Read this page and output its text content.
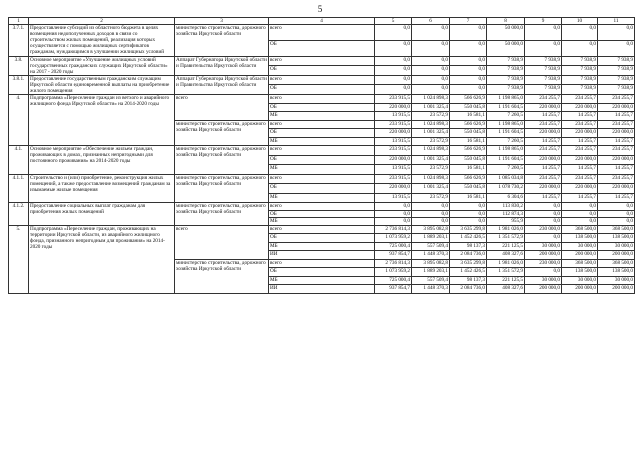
5
1	2	3	4	5	6	7	8	9	10	11
3.7.1.	Предоставление субсидий из областного бюджета в целях возмещения недополученных доходов в связи со строительством жилых помещений, реализация которых осуществляется с помощью жилищных сертификатов гражданам, нуждающимся в улучшении жилищных условий	министерство строительства, дорожного хозяйства Иркутской области	всего	0,0	0,0	0,0	50 000,0	0,0	0,0	0,0
			ОБ	0,0	0,0	0,0	50 000,0	0,0	0,0	0,0
3.8.	Основное мероприятие «Улучшение жилищных условий государственных гражданских служащих Иркутской области» на 2017 - 2020 годы	Аппарат Губернатора Иркутской области и Правительства Иркутской области	всего	0,0	0,0	0,0	7 938,9	7 938,9	7 938,9	7 938,9
			ОБ	0,0	0,0	0,0	7 938,9	7 938,9	7 938,9	7 938,9
3.8.1.	Предоставление государственным гражданским служащим Иркутской области единовременной выплаты на приобретение жилого помещения	Аппарат Губернатора Иркутской области и Правительства Иркутской области	всего	0,0	0,0	0,0	7 938,9	7 938,9	7 938,9	7 938,9
			ОБ	0,0	0,0	0,0	7 938,9	7 938,9	7 938,9	7 938,9
4.	Подпрограмма «Переселение граждан из ветхого и аварийного жилищного фонда Иркутской области» на 2014-2020 годы	всего	всего	233 915,5	1 024 898,3	566 626,9	1 198 865,0	234 255,7	234 255,7	234 255,7
			ОБ	220 000,0	1 001 325,4	550 045,8	1 191 604,5	220 000,0	220 000,0	220 000,0
			МБ	13 915,5	23 572,9	16 581,1	7 260,5	14 255,7	14 255,7	14 255,7
		министерство строительства, дорожного хозяйства Иркутской области	всего	233 915,5	1 024 898,3	566 626,9	1 198 865,0	234 255,7	234 255,7	234 255,7
			ОБ	220 000,0	1 001 325,4	550 045,8	1 191 604,5	220 000,0	220 000,0	220 000,0
			МБ	13 915,5	23 572,9	16 581,1	7 260,5	14 255,7	14 255,7	14 255,7
4.1.	Основное мероприятие «Обеспечение жильем граждан, проживающих в домах, признанных непригодными для постоянного проживания» на 2014-2020 годы	министерство строительства, дорожного хозяйства Иркутской области	всего	233 915,5	1 024 898,3	566 626,9	1 198 865,0	234 255,7	234 255,7	234 255,7
			ОБ	220 000,0	1 001 325,4	550 045,8	1 191 604,5	220 000,0	220 000,0	220 000,0
			МБ	13 915,5	23 572,9	16 581,1	7 260,5	14 255,7	14 255,7	14 255,7
4.1.1.	Строительство и (или) приобретение, реконструкция жилых помещений, а также предоставление возмещений гражданам за изымаемые жилые помещения	министерство строительства, дорожного хозяйства Иркутской области	всего	233 915,5	1 024 898,3	566 626,9	1 085 034,8	234 255,7	234 255,7	234 255,7
			ОБ	220 000,0	1 001 325,4	550 045,8	1 078 730,2	220 000,0	220 000,0	220 000,0
			МБ	13 915,5	23 572,9	16 581,1	6 304,6	14 255,7	14 255,7	14 255,7
4.1.2.	Предоставление социальных выплат гражданам для приобретения жилых помещений	министерство строительства, дорожного хозяйства Иркутской области	всего	0,0	0,0	0,0	113 830,2	0,0	0,0	0,0
			ОБ	0,0	0,0	0,0	112 874,3	0,0	0,0	0,0
			МБ	0,0	0,0	0,0	955,9	0,0	0,0	0,0
5.	Подпрограмма «Переселение граждан, проживающих на территории Иркутской области, из аварийного жилищного фонда, признанного непригодным для проживания» на 2014-2020 годы	всего	всего	2 736 814,3	3 895 082,8	3 635 299,8	1 981 026,0	230 000,0	368 500,0	368 500,0
			ОБ	1 073 959,2	1 889 203,1	1 452 426,5	1 351 572,9	0,0	138 500,0	138 500,0
			МБ	725 000,4	557 509,4	98 137,3	221 125,5	30 000,0	30 000,0	30 000,0
			ИИ	937 854,7	1 448 370,3	2 084 736,0	408 327,6	200 000,0	200 000,0	200 000,0
		министерство строительства, дорожного хозяйства Иркутской области	всего	2 736 814,3	3 895 082,8	3 635 299,8	1 981 026,0	230 000,0	368 500,0	368 500,0
			ОБ	1 073 959,2	1 889 203,1	1 452 426,5	1 351 572,9	0,0	138 500,0	138 500,0
			МБ	725 000,4	557 509,4	98 137,3	221 125,5	30 000,0	30 000,0	30 000,0
			ИИ	937 854,7	1 448 370,3	2 084 736,0	408 327,6	200 000,0	200 000,0	200 000,0
